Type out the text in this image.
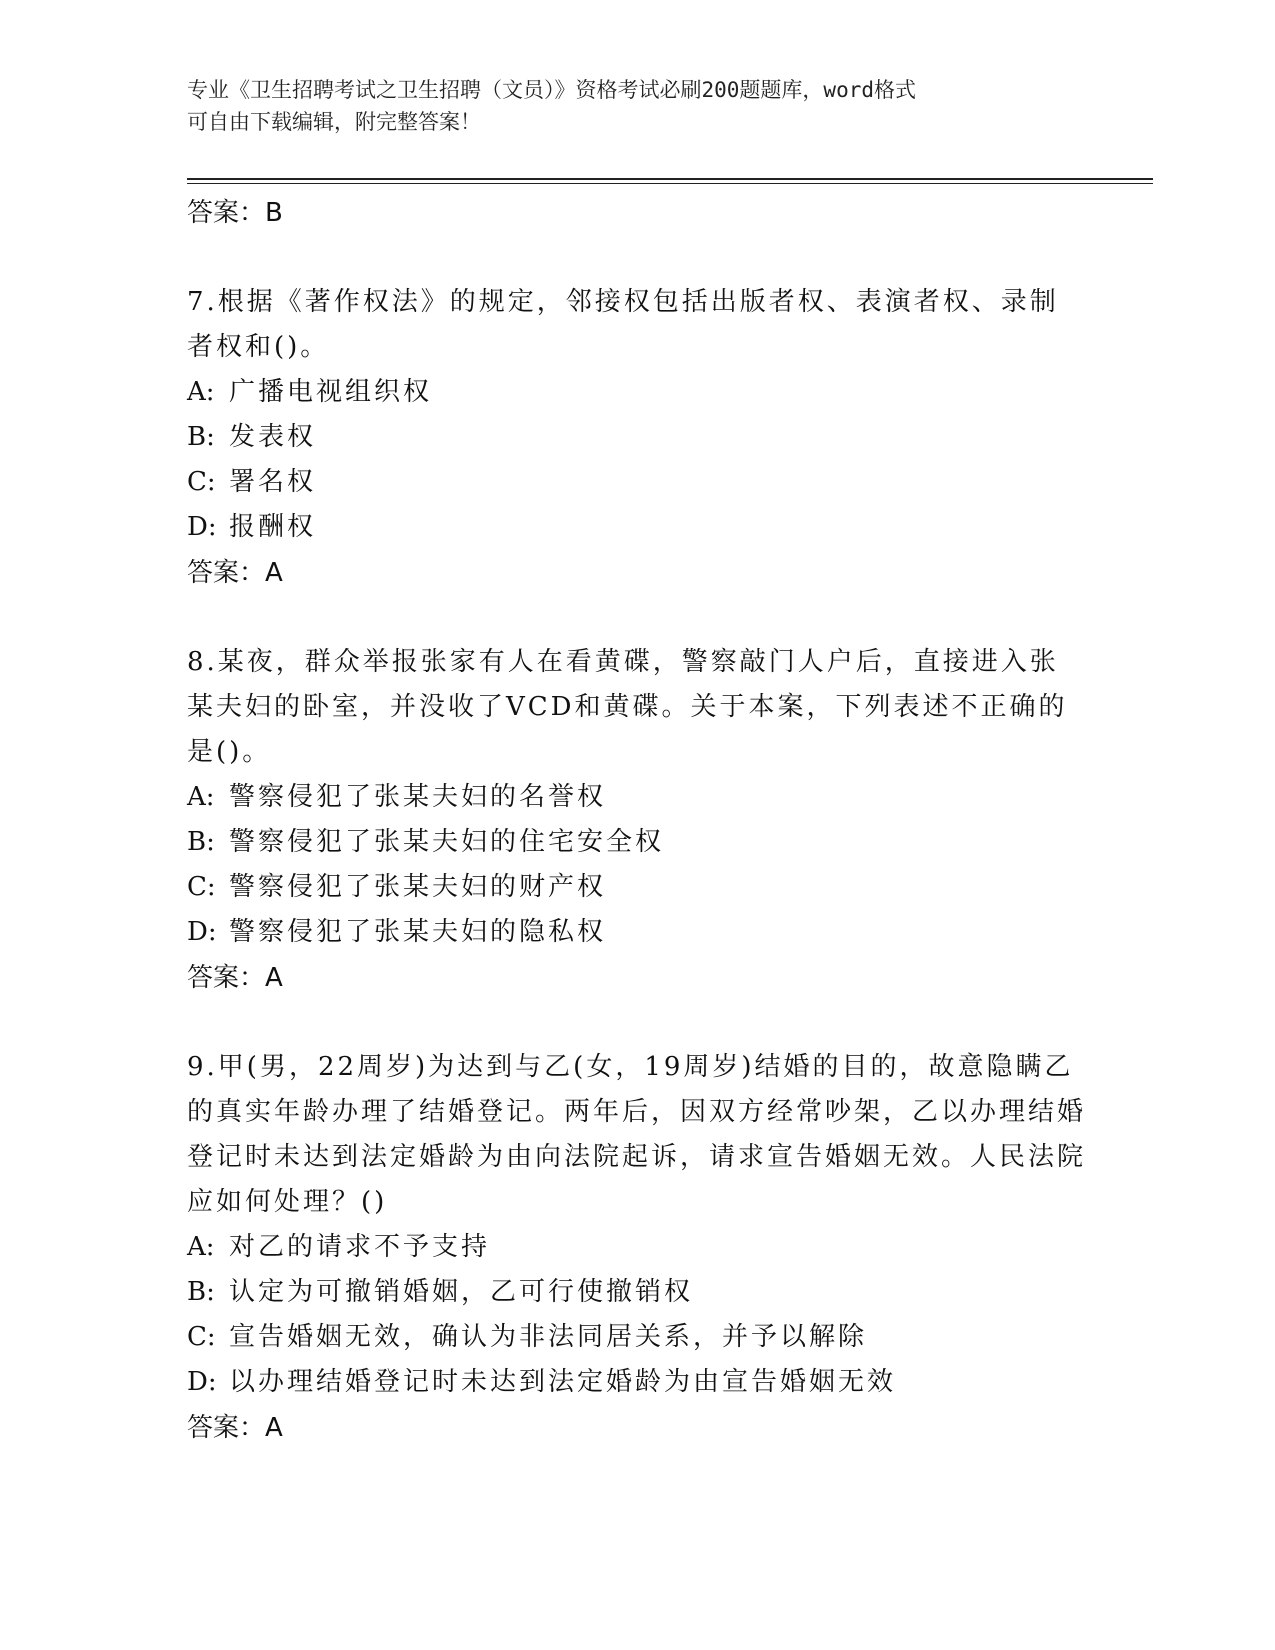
专业《卫生招聘考试之卫生招聘（文员）》资格考试必刷200题题库，word格式
可自由下载编辑，附完整答案！
答案：B
7.根据《著作权法》的规定，邻接权包括出版者权、表演者权、录制者权和()。
A: 广播电视组织权
B: 发表权
C: 署名权
D: 报酬权
答案：A
8.某夜，群众举报张家有人在看黄碟，警察敲门人户后，直接进入张某夫妇的卧室，并没收了VCD和黄碟。关于本案，下列表述不正确的是()。
A: 警察侵犯了张某夫妇的名誉权
B: 警察侵犯了张某夫妇的住宅安全权
C: 警察侵犯了张某夫妇的财产权
D: 警察侵犯了张某夫妇的隐私权
答案：A
9.甲(男，22周岁)为达到与乙(女，19周岁)结婚的目的，故意隐瞒乙的真实年龄办理了结婚登记。两年后，因双方经常吵架，乙以办理结婚登记时未达到法定婚龄为由向法院起诉，请求宣告婚姻无效。人民法院应如何处理？()
A: 对乙的请求不予支持
B: 认定为可撤销婚姻，乙可行使撤销权
C: 宣告婚姻无效，确认为非法同居关系，并予以解除
D: 以办理结婚登记时未达到法定婚龄为由宣告婚姻无效
答案：A
